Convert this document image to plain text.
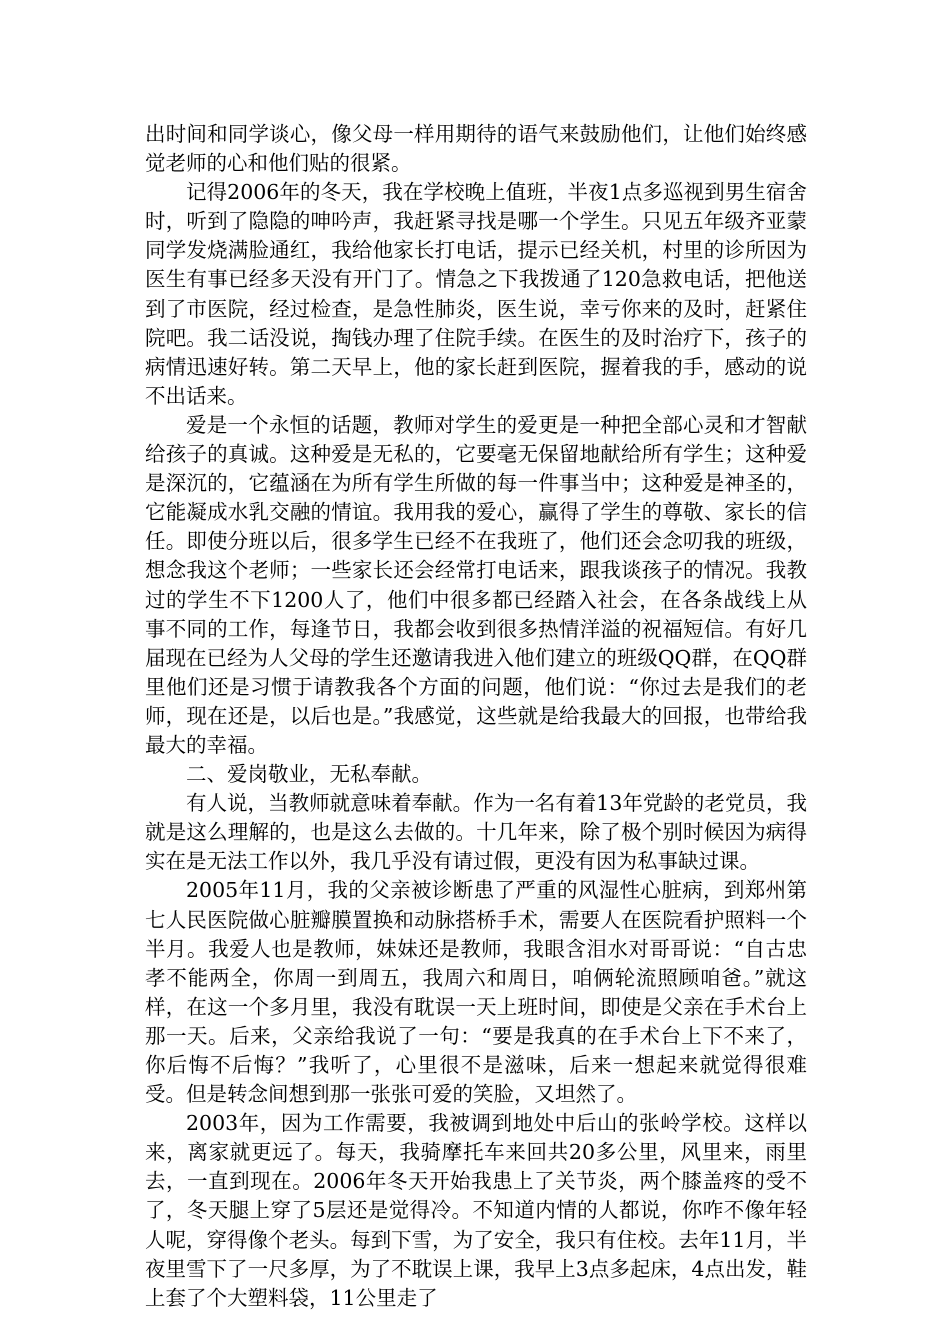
出时间和同学谈心，像父母一样用期待的语气来鼓励他们，让他们始终感觉老师的心和他们贴的很紧。

记得2006年的冬天，我在学校晚上值班，半夜1点多巡视到男生宿舍时，听到了隐隐的呻吟声，我赶紧寻找是哪一个学生。只见五年级齐亚蒙同学发烧满脸通红，我给他家长打电话，提示已经关机，村里的诊所因为医生有事已经多天没有开门了。情急之下我拨通了120急救电话，把他送到了市医院，经过检查，是急性肺炎，医生说，幸亏你来的及时，赶紧住院吧。我二话没说，掏钱办理了住院手续。在医生的及时治疗下，孩子的病情迅速好转。第二天早上，他的家长赶到医院，握着我的手，感动的说不出话来。

爱是一个永恒的话题，教师对学生的爱更是一种把全部心灵和才智献给孩子的真诚。这种爱是无私的，它要毫无保留地献给所有学生；这种爱是深沉的，它蕴涵在为所有学生所做的每一件事当中；这种爱是神圣的，它能凝成水乳交融的情谊。我用我的爱心，赢得了学生的尊敬、家长的信任。即使分班以后，很多学生已经不在我班了，他们还会念叨我的班级，想念我这个老师；一些家长还会经常打电话来，跟我谈孩子的情况。我教过的学生不下1200人了，他们中很多都已经踏入社会，在各条战线上从事不同的工作，每逢节日，我都会收到很多热情洋溢的祝福短信。有好几届现在已经为人父母的学生还邀请我进入他们建立的班级QQ群，在QQ群里他们还是习惯于请教我各个方面的问题，他们说：“你过去是我们的老师，现在还是，以后也是。”我感觉，这些就是给我最大的回报，也带给我最大的幸福。

二、爱岗敬业，无私奉献。

有人说，当教师就意味着奉献。作为一名有着13年党龄的老党员，我就是这么理解的，也是这么去做的。十几年来，除了极个别时候因为病得实在是无法工作以外，我几乎没有请过假，更没有因为私事缺过课。

2005年11月，我的父亲被诊断患了严重的风湿性心脏病，到郑州第七人民医院做心脏瓣膜置换和动脉搭桥手术，需要人在医院看护照料一个半月。我爱人也是教师，妹妹还是教师，我眼含泪水对哥哥说：“自古忠孝不能两全，你周一到周五，我周六和周日，咱俩轮流照顾咱爸。”就这样，在这一个多月里，我没有耽误一天上班时间，即使是父亲在手术台上那一天。后来，父亲给我说了一句：“要是我真的在手术台上下不来了，你后悔不后悔？”我听了，心里很不是滋味，后来一想起来就觉得很难受。但是转念间想到那一张张可爱的笑脸，又坦然了。

2003年，因为工作需要，我被调到地处中后山的张岭学校。这样以来，离家就更远了。每天，我骑摩托车来回共20多公里，风里来，雨里去，一直到现在。2006年冬天开始我患上了关节炎，两个膝盖疼的受不了，冬天腿上穿了5层还是觉得冷。不知道内情的人都说，你咋不像年轻人呢，穿得像个老头。每到下雪，为了安全，我只有住校。去年11月，半夜里雪下了一尺多厚，为了不耽误上课，我早上3点多起床，4点出发，鞋上套了个大塑料袋，11公里走了
